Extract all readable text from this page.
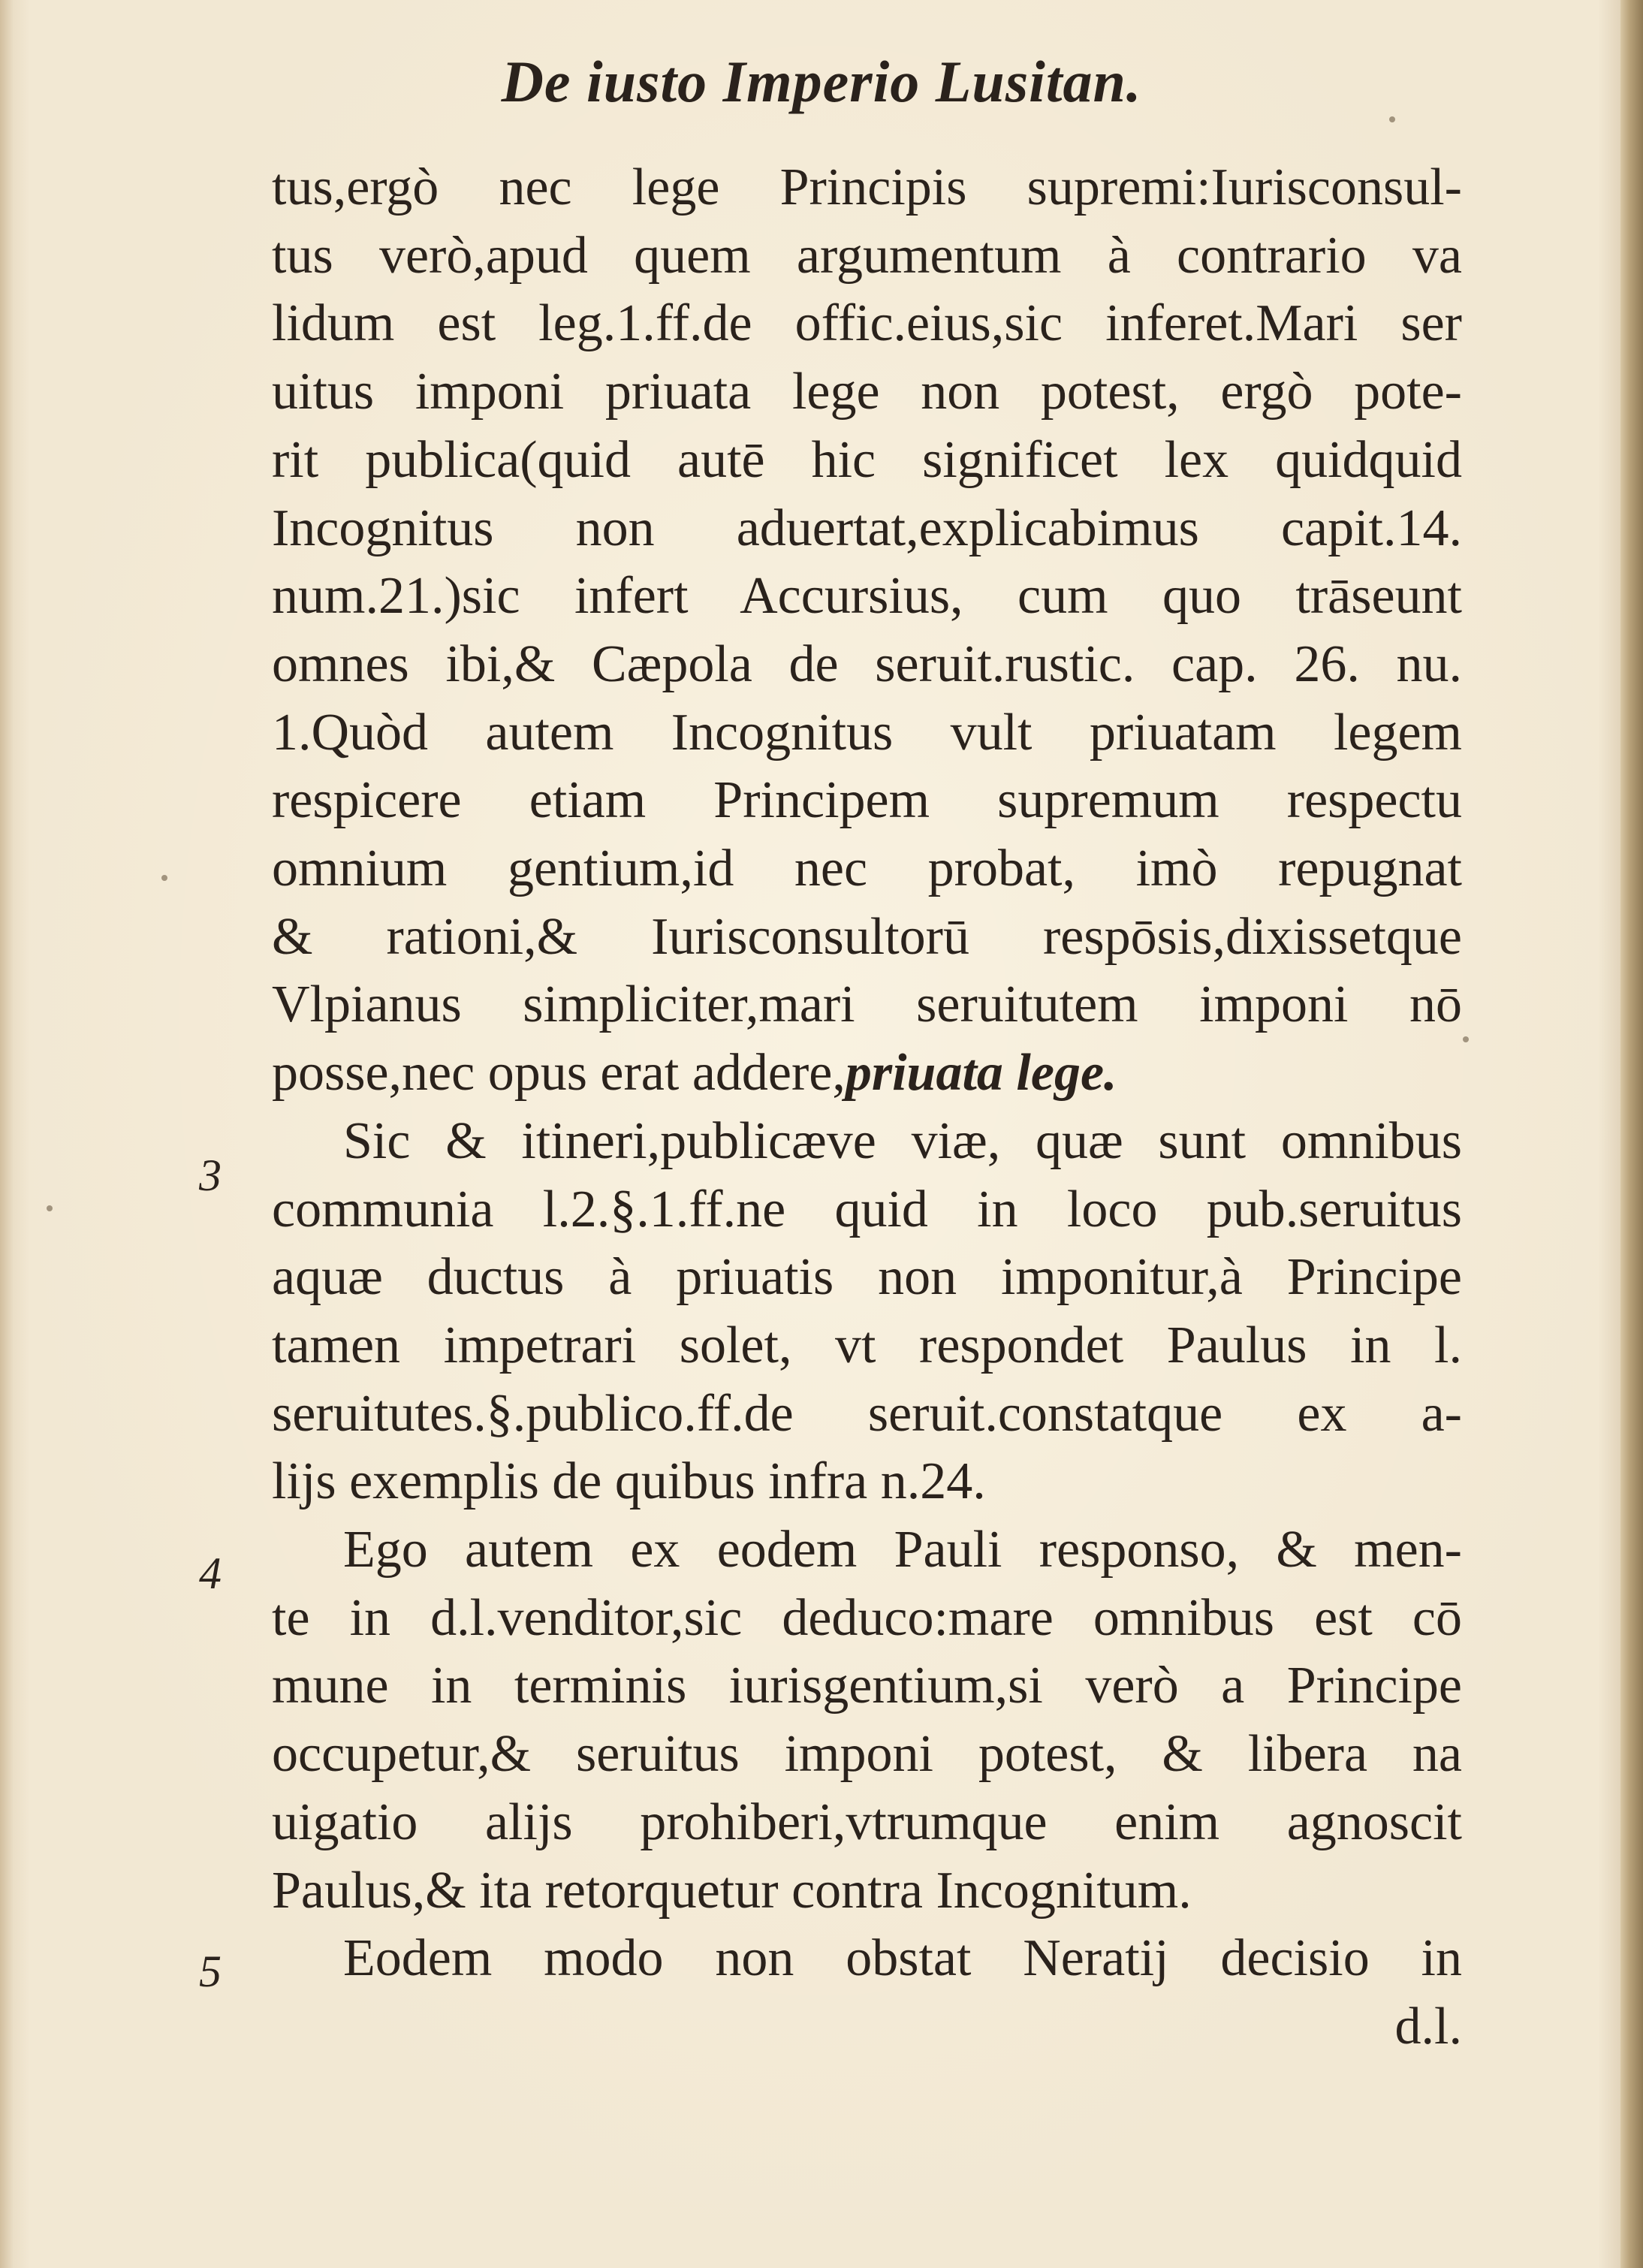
De iusto Imperio Lusitan.
tus,ergò nec lege Principis supremi:Iurisconsul-
tus verò,apud quem argumentum à contrario va
lidum est leg.1.ff.de offic.eius,sic inferet.Mari ser
uitus imponi priuata lege non potest, ergò pote-
rit publica(quid autē hic significet lex quidquid
Incognitus non aduertat,explicabimus capit.14.
num.21.)sic infert Accursius, cum quo trāseunt
omnes ibi,& Cæpola de seruit.rustic. cap. 26. nu.
1.Quòd autem Incognitus vult priuatam legem
respicere etiam Principem supremum respectu
omnium gentium,id nec probat, imò repugnat
& rationi,& Iurisconsultorū respōsis,dixissetque
Vlpianus simpliciter,mari seruitutem imponi nō
posse,nec opus erat addere,priuata lege.
Sic & itineri,publicæve viæ, quæ sunt omnibus
communia l.2.§.1.ff.ne quid in loco pub.seruitus
aquæ ductus à priuatis non imponitur,à Principe
tamen impetrari solet, vt respondet Paulus in l.
seruitutes.§.publico.ff.de seruit.constatque ex a-
lijs exemplis de quibus infra n.24.
Ego autem ex eodem Pauli responso, & men-
te in d.l.venditor,sic deduco:mare omnibus est cō
mune in terminis iurisgentium,si verò a Principe
occupetur,& seruitus imponi potest, & libera na
uigatio alijs prohiberi,vtrumque enim agnoscit
Paulus,& ita retorquetur contra Incognitum.
Eodem modo non obstat Neratij decisio in
d.l.
3
4
5
